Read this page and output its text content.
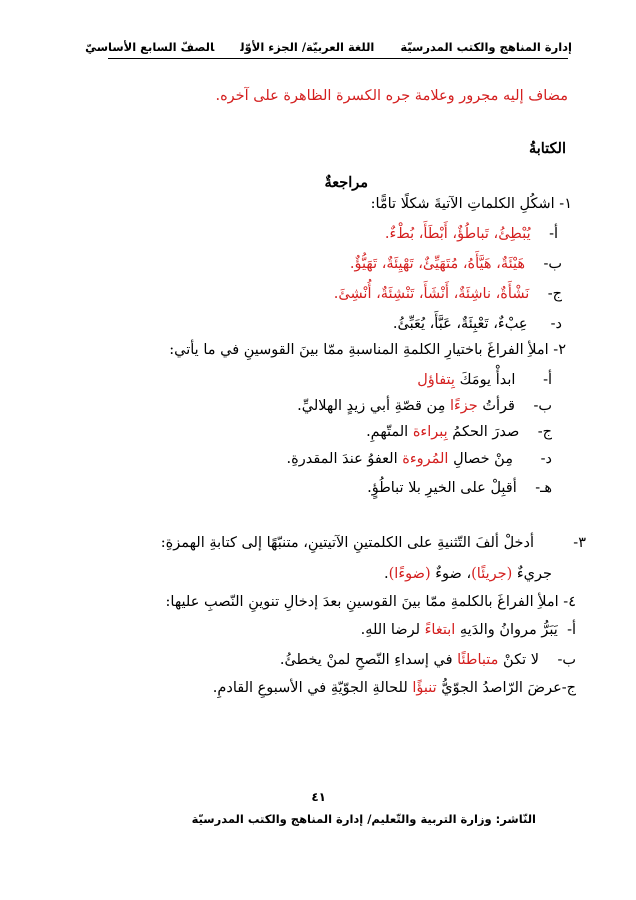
إدارة المناهج والكتب المدرسيّةاللغة العربيّة/ الجزء الأوّلالصفّ السابع الأساسيّ
مضاف إليه مجرور وعلامة جره الكسرة الظاهرة على آخره.
الكتابةُ
مراجعةٌ
١- اشكُلِ الكلماتِ الآتيةَ شكلًا تامًّا:
أ-    يُبْطِئُ، تَباطُؤٌ، أَبْطَأَ، بُطْءٌ.
ب-    هَيْئَةٌ، هَيَّأَهُ، مُتَهَيِّئٌ، تَهْيِئَةٌ، تَهَيُّؤٌ.
ج-    نَشْأَةٌ، ناشِئَةٌ، أَنْشَأَ، تَنْشِئَةٌ، أُنْشِئَ.
د-     عِبْءٌ، تَعْبِئَةٌ، عَبَّأَ، يُعَبِّئُ.
٢- املأِ الفراغَ باختيارِ الكلمةِ المناسبةِ ممّا بينَ القوسينِ في ما يأتي:
أ-      ابدأْ يومَكَ بِتفاؤل
ب-    قرأتُ جزءًا مِن قصّةِ أبي زيدٍ الهلاليِّ.
ج-    صدرَ الحكمُ بِبراءة المتّهمِ.
د-      مِنْ خصالِ المُروءة العفوُ عندَ المقدرةِ.
هـ-    أقبِلْ على الخيرِ بلا تباطُؤٍ.
٣-
أدخلْ ألفَ التّثنيةِ على الكلمتينِ الآتيتينِ، متنبّهًا إلى كتابةِ الهمزةِ:
جريءٌ (جريئًا)، ضوءٌ (ضوءًا).
٤- املأِ الفراغَ بالكلمةِ ممّا بينَ القوسينِ بعدَ إدخالِ تنوينِ النّصبِ عليها:
أ-  يَبَرُّ مروانُ والدَيهِ ابتغاءً لرضا اللهِ.
ب-    لا تكنْ متباطئًا في إسداءِ النّصحِ لمنْ يخطئُ.
ج-عرضَ الرّاصدُ الجوّيُّ تنبؤًا للحالةِ الجوّيّةِ في الأسبوعِ القادمِ.
٤١
النّاشر: وزارة التربية والتّعليم/ إدارة المناهج والكتب المدرسيّة
